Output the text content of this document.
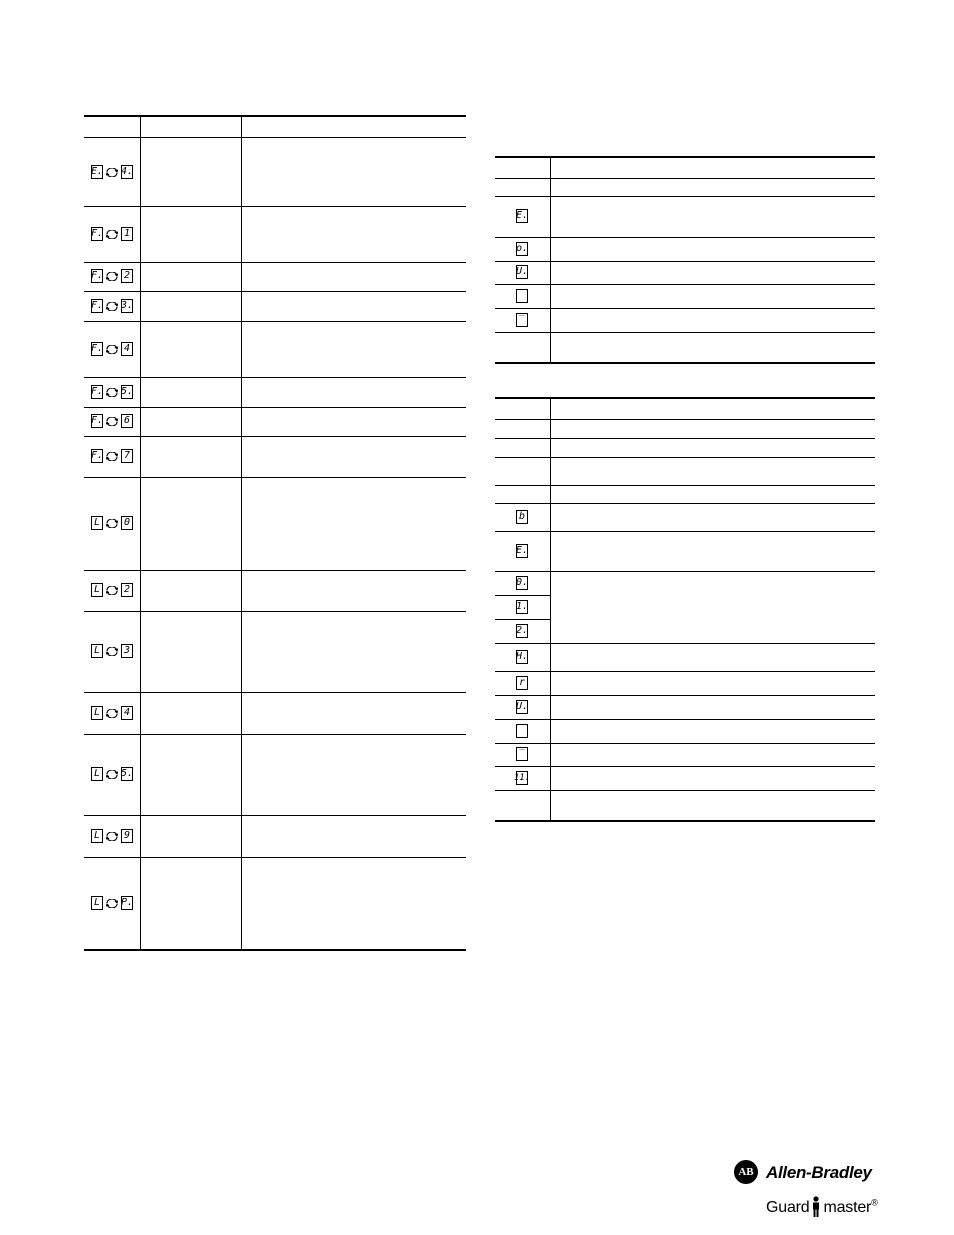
E. 4.
F. 1
F. 2
F. 3.
F. 4
F. 5.
F. 6
F. 7
L 0
L 2
L 3
L 4
L 5.
L 9
L P.
E.
o.
U.
‾
b
E.
0.
1.
2.
H.
r
U.
‾
11.
AB Allen-Bradley
Guard master®
